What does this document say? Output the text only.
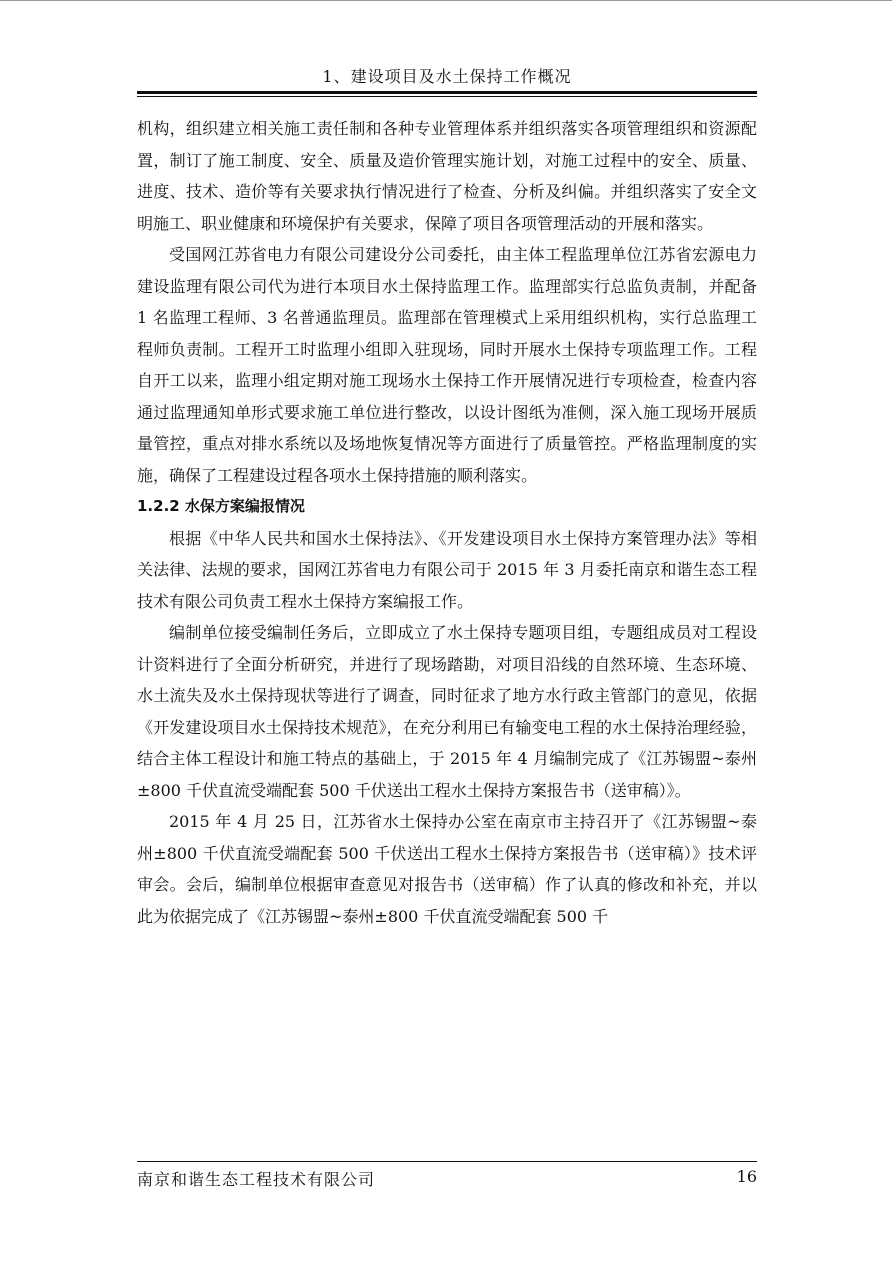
1、建设项目及水土保持工作概况

机构，组织建立相关施工责任制和各种专业管理体系并组织落实各项管理组织和资源配置，制订了施工制度、安全、质量及造价管理实施计划，对施工过程中的安全、质量、进度、技术、造价等有关要求执行情况进行了检查、分析及纠偏。并组织落实了安全文明施工、职业健康和环境保护有关要求，保障了项目各项管理活动的开展和落实。

受国网江苏省电力有限公司建设分公司委托，由主体工程监理单位江苏省宏源电力建设监理有限公司代为进行本项目水土保持监理工作。监理部实行总监负责制，并配备 1 名监理工程师、3 名普通监理员。监理部在管理模式上采用组织机构，实行总监理工程师负责制。工程开工时监理小组即入驻现场，同时开展水土保持专项监理工作。工程自开工以来，监理小组定期对施工现场水土保持工作开展情况进行专项检查，检查内容通过监理通知单形式要求施工单位进行整改，以设计图纸为准侧，深入施工现场开展质量管控，重点对排水系统以及场地恢复情况等方面进行了质量管控。严格监理制度的实施，确保了工程建设过程各项水土保持措施的顺利落实。

1.2.2 水保方案编报情况

根据《中华人民共和国水土保持法》、《开发建设项目水土保持方案管理办法》等相关法律、法规的要求，国网江苏省电力有限公司于 2015 年 3 月委托南京和谐生态工程技术有限公司负责工程水土保持方案编报工作。

编制单位接受编制任务后，立即成立了水土保持专题项目组，专题组成员对工程设计资料进行了全面分析研究，并进行了现场踏勘，对项目沿线的自然环境、生态环境、水土流失及水土保持现状等进行了调查，同时征求了地方水行政主管部门的意见，依据《开发建设项目水土保持技术规范》，在充分利用已有输变电工程的水土保持治理经验，结合主体工程设计和施工特点的基础上，于 2015 年 4 月编制完成了《江苏锡盟~泰州±800 千伏直流受端配套 500 千伏送出工程水土保持方案报告书（送审稿）》。

2015 年 4 月 25 日，江苏省水土保持办公室在南京市主持召开了《江苏锡盟~泰州±800 千伏直流受端配套 500 千伏送出工程水土保持方案报告书（送审稿）》技术评审会。会后，编制单位根据审查意见对报告书（送审稿）作了认真的修改和补充，并以此为依据完成了《江苏锡盟~泰州±800 千伏直流受端配套 500 千

南京和谐生态工程技术有限公司	16
